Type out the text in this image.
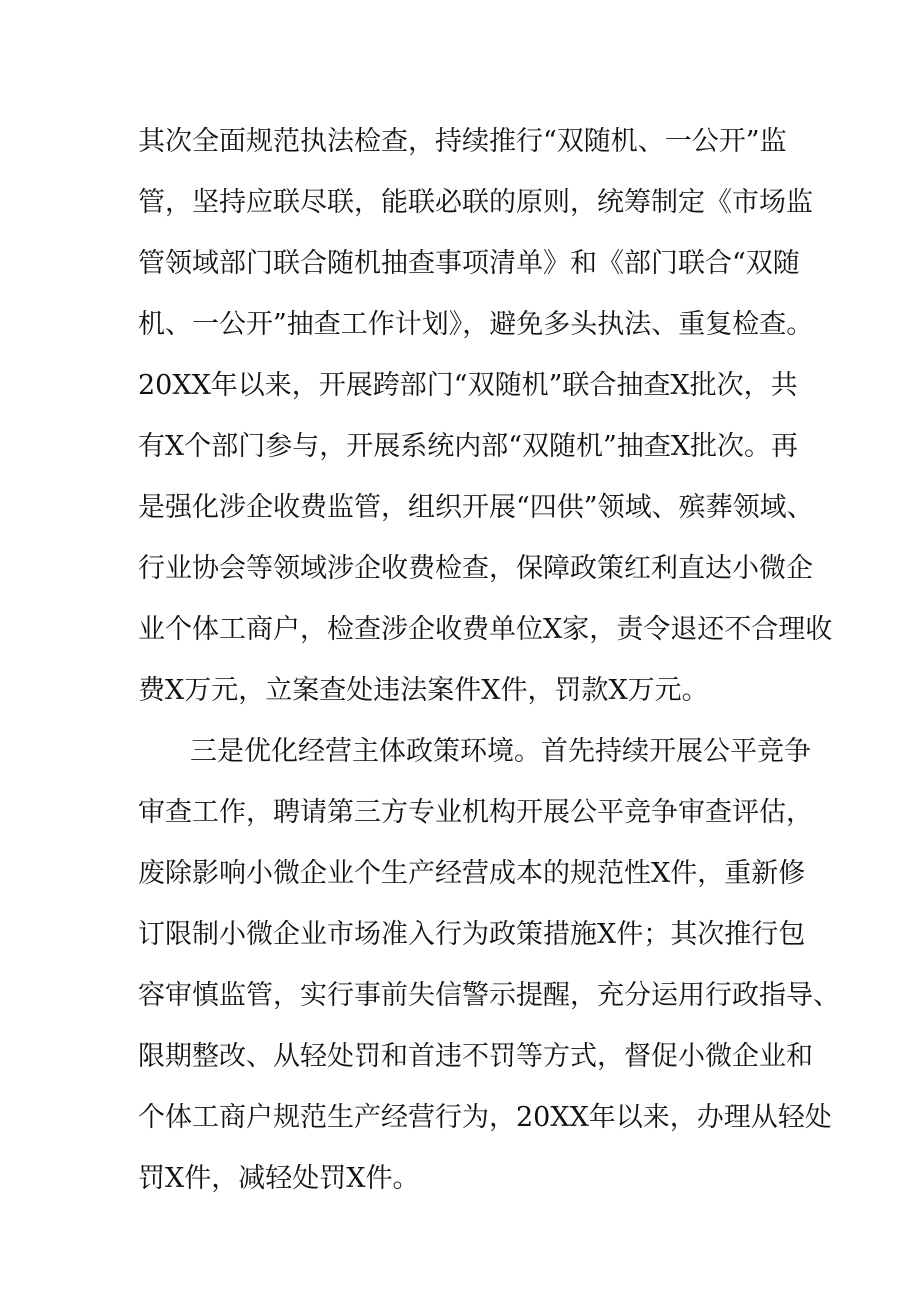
其次全面规范执法检查，持续推行“双随机、一公开”监

管，坚持应联尽联，能联必联的原则，统筹制定《市场监

管领域部门联合随机抽查事项清单》和《部门联合“双随

机、一公开”抽查工作计划》，避免多头执法、重复检查。

20XX年以来，开展跨部门“双随机”联合抽查X批次，共

有X个部门参与，开展系统内部“双随机”抽查X批次。再

是强化涉企收费监管，组织开展“四供”领域、殡葬领域、

行业协会等领域涉企收费检查，保障政策红利直达小微企

业个体工商户，检查涉企收费单位X家，责令退还不合理收

费X万元，立案查处违法案件X件，罚款X万元。

三是优化经营主体政策环境。首先持续开展公平竞争

审查工作，聘请第三方专业机构开展公平竞争审查评估，

废除影响小微企业个生产经营成本的规范性X件，重新修

订限制小微企业市场准入行为政策措施X件；其次推行包

容审慎监管，实行事前失信警示提醒，充分运用行政指导、

限期整改、从轻处罚和首违不罚等方式，督促小微企业和

个体工商户规范生产经营行为，20XX年以来，办理从轻处

罚X件，减轻处罚X件。
